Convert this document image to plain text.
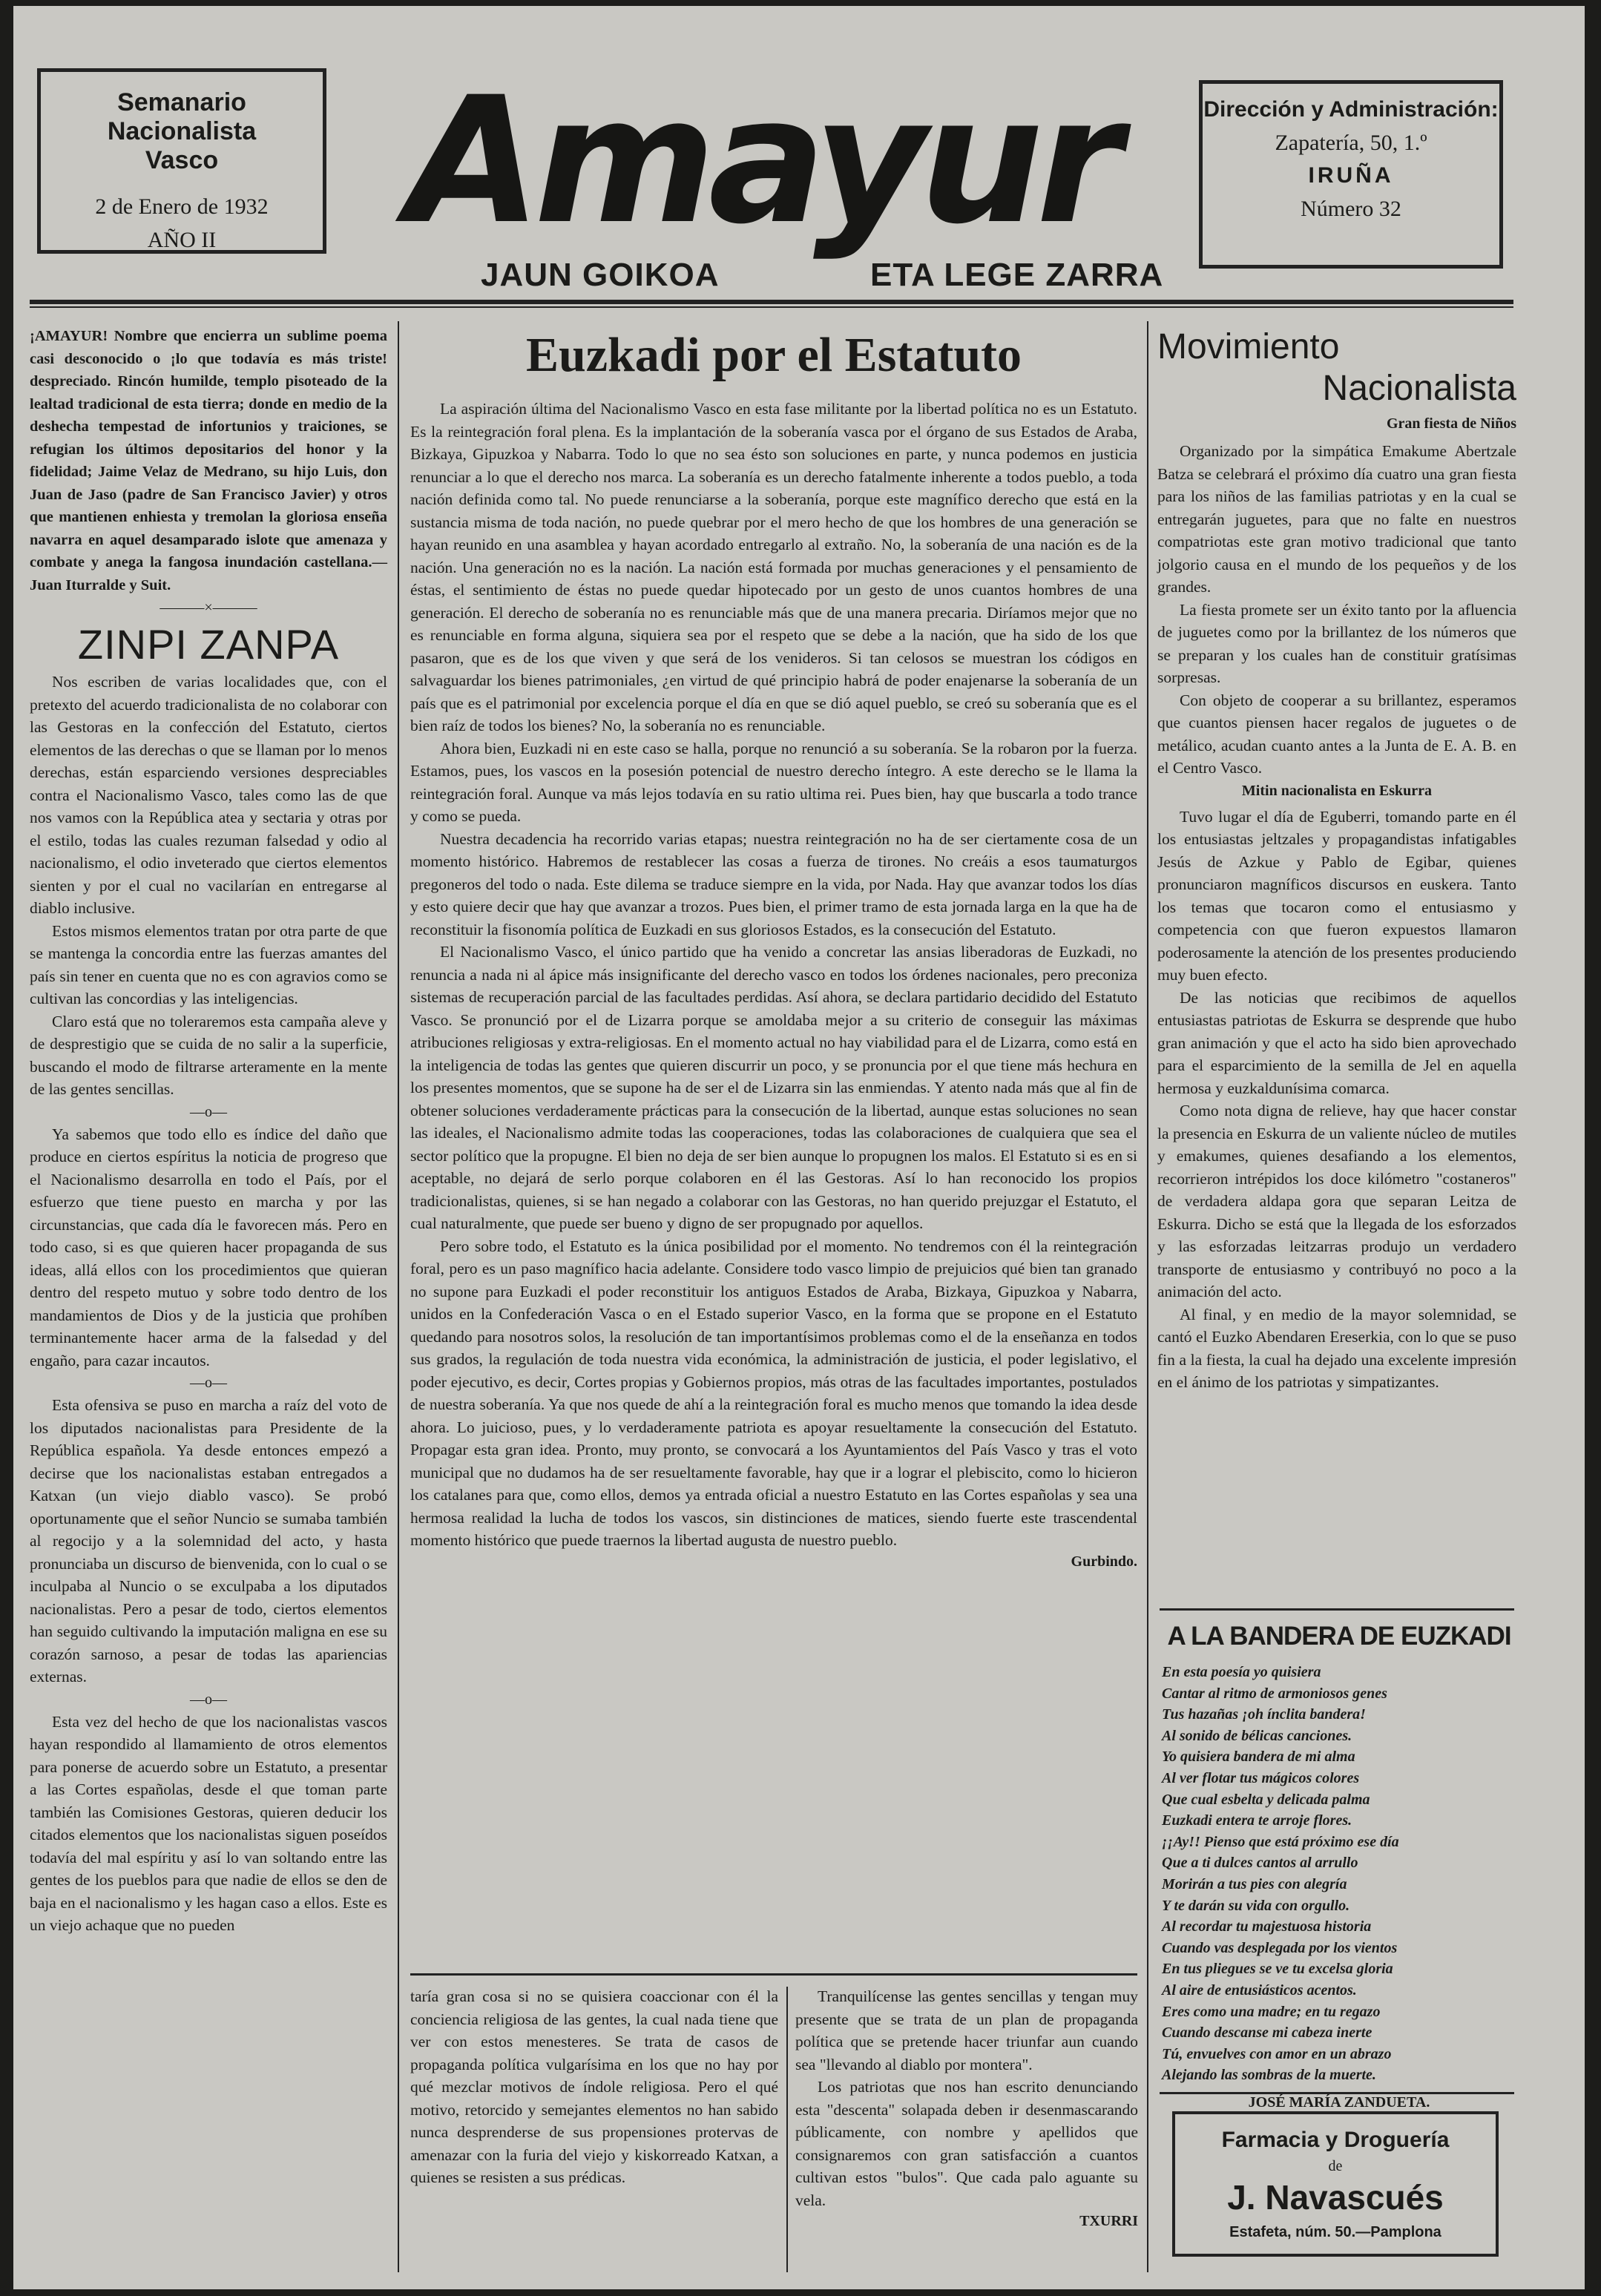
Semanario Nacionalista
Vasco
2 de Enero de 1932
AÑO II	Amayur
JAUN GOIKOA	ETA LEGE ZARRA
Dirección y Administración:
Zapatería, 50, 1.º
IRUÑA
Número 32

¡AMAYUR! Nombre que encierra un sublime poema casi desconocido o ¡lo que todavía es más triste! despreciado. Rincón humilde, templo pisoteado de la lealtad tradicional de esta tierra; donde en medio de la deshecha tempestad de infortunios y traiciones, se refugian los últimos depositarios del honor y la fidelidad; Jaime Velaz de Medrano, su hijo Luis, don Juan de Jaso (padre de San Francisco Javier) y otros que mantienen enhiesta y tremolan la gloriosa enseña navarra en aquel desamparado islote que amenaza y combate y anega la fangosa inundación castellana.—Juan Iturralde y Suit.

———×———

ZINPI ZANPA

Nos escriben de varias localidades que, con el pretexto del acuerdo tradicionalista de no colaborar con las Gestoras en la confección del Estatuto, ciertos elementos de las derechas o que se llaman por lo menos derechas, están esparciendo versiones despreciables contra el Nacionalismo Vasco, tales como las de que nos vamos con la República atea y sectaria y otras por el estilo, todas las cuales rezuman falsedad y odio al nacionalismo, el odio inveterado que ciertos elementos sienten y por el cual no vacilarían en entregarse al diablo inclusive.

Estos mismos elementos tratan por otra parte de que se mantenga la concordia entre las fuerzas amantes del país sin tener en cuenta que no es con agravios como se cultivan las concordias y las inteligencias.

Claro está que no toleraremos esta campaña aleve y de desprestigio que se cuida de no salir a la superficie, buscando el modo de filtrarse arteramente en la mente de las gentes sencillas.

—o—

Ya sabemos que todo ello es índice del daño que produce en ciertos espíritus la noticia de progreso que el Nacionalismo desarrolla en todo el País, por el esfuerzo que tiene puesto en marcha y por las circunstancias, que cada día le favorecen más. Pero en todo caso, si es que quieren hacer propaganda de sus ideas, allá ellos con los procedimientos que quieran dentro del respeto mutuo y sobre todo dentro de los mandamientos de Dios y de la justicia que prohíben terminantemente hacer arma de la falsedad y del engaño, para cazar incautos.

—o—

Esta ofensiva se puso en marcha a raíz del voto de los diputados nacionalistas para Presidente de la República española. Ya desde entonces empezó a decirse que los nacionalistas estaban entregados a Katxan (un viejo diablo vasco). Se probó oportunamente que el señor Nuncio se sumaba también al regocijo y a la solemnidad del acto, y hasta pronunciaba un discurso de bienvenida, con lo cual o se inculpaba al Nuncio o se exculpaba a los diputados nacionalistas. Pero a pesar de todo, ciertos elementos han seguido cultivando la imputación maligna en ese su corazón sarnoso, a pesar de todas las apariencias externas.

—o—

Esta vez del hecho de que los nacionalistas vascos hayan respondido al llamamiento de otros elementos para ponerse de acuerdo sobre un Estatuto, a presentar a las Cortes españolas, desde el que toman parte también las Comisiones Gestoras, quieren deducir los citados elementos que los nacionalistas siguen poseídos todavía del mal espíritu y así lo van soltando entre las gentes de los pueblos para que nadie de ellos se den de baja en el nacionalismo y les hagan caso a ellos. Este es un viejo achaque que no pueden

Euzkadi por el Estatuto

La aspiración última del Nacionalismo Vasco en esta fase militante por la libertad política no es un Estatuto. Es la reintegración foral plena. Es la implantación de la soberanía vasca por el órgano de sus Estados de Araba, Bizkaya, Gipuzkoa y Nabarra. Todo lo que no sea ésto son soluciones en parte, y nunca podemos en justicia renunciar a lo que el derecho nos marca. La soberanía es un derecho fatalmente inherente a todos pueblo, a toda nación definida como tal. No puede renunciarse a la soberanía, porque este magnífico derecho que está en la sustancia misma de toda nación, no puede quebrar por el mero hecho de que los hombres de una generación se hayan reunido en una asamblea y hayan acordado entregarlo al extraño. No, la soberanía de una nación es de la nación. Una generación no es la nación. La nación está formada por muchas generaciones y el pensamiento de éstas, el sentimiento de éstas no puede quedar hipotecado por un gesto de unos cuantos hombres de una generación. El derecho de soberanía no es renunciable más que de una manera precaria. Diríamos mejor que no es renunciable en forma alguna, siquiera sea por el respeto que se debe a la nación, que ha sido de los que pasaron, que es de los que viven y que será de los venideros. Si tan celosos se muestran los códigos en salvaguardar los bienes patrimoniales, ¿en virtud de qué principio habrá de poder enajenarse la soberanía de un país que es el patrimonial por excelencia porque el día en que se dió aquel pueblo, se creó su soberanía que es el bien raíz de todos los bienes? No, la soberanía no es renunciable.

Ahora bien, Euzkadi ni en este caso se halla, porque no renunció a su soberanía. Se la robaron por la fuerza. Estamos, pues, los vascos en la posesión potencial de nuestro derecho íntegro. A este derecho se le llama la reintegración foral. Aunque va más lejos todavía en su ratio ultima rei. Pues bien, hay que buscarla a todo trance y como se pueda.

Nuestra decadencia ha recorrido varias etapas; nuestra reintegración no ha de ser ciertamente cosa de un momento histórico. Habremos de restablecer las cosas a fuerza de tirones. No creáis a esos taumaturgos pregoneros del todo o nada. Este dilema se traduce siempre en la vida, por Nada. Hay que avanzar todos los días y esto quiere decir que hay que avanzar a trozos. Pues bien, el primer tramo de esta jornada larga en la que ha de reconstituir la fisonomía política de Euzkadi en sus gloriosos Estados, es la consecución del Estatuto.

El Nacionalismo Vasco, el único partido que ha venido a concretar las ansias liberadoras de Euzkadi, no renuncia a nada ni al ápice más insignificante del derecho vasco en todos los órdenes nacionales, pero preconiza sistemas de recuperación parcial de las facultades perdidas. Así ahora, se declara partidario decidido del Estatuto Vasco. Se pronunció por el de Lizarra porque se amoldaba mejor a su criterio de conseguir las máximas atribuciones religiosas y extra-religiosas. En el momento actual no hay viabilidad para el de Lizarra, como está en la inteligencia de todas las gentes que quieren discurrir un poco, y se pronuncia por el que tiene más hechura en los presentes momentos, que se supone ha de ser el de Lizarra sin las enmiendas. Y atento nada más que al fin de obtener soluciones verdaderamente prácticas para la consecución de la libertad, aunque estas soluciones no sean las ideales, el Nacionalismo admite todas las cooperaciones, todas las colaboraciones de cualquiera que sea el sector político que la propugne. El bien no deja de ser bien aunque lo propugnen los malos. El Estatuto si es en si aceptable, no dejará de serlo porque colaboren en él las Gestoras. Así lo han reconocido los propios tradicionalistas, quienes, si se han negado a colaborar con las Gestoras, no han querido prejuzgar el Estatuto, el cual naturalmente, que puede ser bueno y digno de ser propugnado por aquellos.

Pero sobre todo, el Estatuto es la única posibilidad por el momento. No tendremos con él la reintegración foral, pero es un paso magnífico hacia adelante. Considere todo vasco limpio de prejuicios qué bien tan granado no supone para Euzkadi el poder reconstituir los antiguos Estados de Araba, Bizkaya, Gipuzkoa y Nabarra, unidos en la Confederación Vasca o en el Estado superior Vasco, en la forma que se propone en el Estatuto quedando para nosotros solos, la resolución de tan importantísimos problemas como el de la enseñanza en todos sus grados, la regulación de toda nuestra vida económica, la administración de justicia, el poder legislativo, el poder ejecutivo, es decir, Cortes propias y Gobiernos propios, más otras de las facultades importantes, postulados de nuestra soberanía. Ya que nos quede de ahí a la reintegración foral es mucho menos que tomando la idea desde ahora. Lo juicioso, pues, y lo verdaderamente patriota es apoyar resueltamente la consecución del Estatuto. Propagar esta gran idea. Pronto, muy pronto, se convocará a los Ayuntamientos del País Vasco y tras el voto municipal que no dudamos ha de ser resueltamente favorable, hay que ir a lograr el plebiscito, como lo hicieron los catalanes para que, como ellos, demos ya entrada oficial a nuestro Estatuto en las Cortes españolas y sea una hermosa realidad la lucha de todos los vascos, sin distinciones de matices, siendo fuerte este trascendental momento histórico que puede traernos la libertad augusta de nuestro pueblo.

Gurbindo.

taría gran cosa si no se quisiera coaccionar con él la conciencia religiosa de las gentes, la cual nada tiene que ver con estos menesteres. Se trata de casos de propaganda política vulgarísima en los que no hay por qué mezclar motivos de índole religiosa. Pero el qué motivo, retorcido y semejantes elementos no han sabido nunca desprenderse de sus propensiones protervas de amenazar con la furia del viejo y kiskorreado Katxan, a quienes se resisten a sus prédicas.

Tranquilícense las gentes sencillas y tengan muy presente que se trata de un plan de propaganda política que se pretende hacer triunfar aun cuando sea "llevando al diablo por montera".

Los patriotas que nos han escrito denunciando esta "descenta" solapada deben ir desenmascarando públicamente, con nombre y apellidos que consignaremos con gran satisfacción a cuantos cultivan estos "bulos". Que cada palo aguante su vela.

TXURRI

Movimiento
Nacionalista

Gran fiesta de Niños

Organizado por la simpática Emakume Abertzale Batza se celebrará el próximo día cuatro una gran fiesta para los niños de las familias patriotas y en la cual se entregarán juguetes, para que no falte en nuestros compatriotas este gran motivo tradicional que tanto jolgorio causa en el mundo de los pequeños y de los grandes.

La fiesta promete ser un éxito tanto por la afluencia de juguetes como por la brillantez de los números que se preparan y los cuales han de constituir gratísimas sorpresas.

Con objeto de cooperar a su brillantez, esperamos que cuantos piensen hacer regalos de juguetes o de metálico, acudan cuanto antes a la Junta de E. A. B. en el Centro Vasco.

Mitin nacionalista en Eskurra

Tuvo lugar el día de Eguberri, tomando parte en él los entusiastas jeltzales y propagandistas infatigables Jesús de Azkue y Pablo de Egibar, quienes pronunciaron magníficos discursos en euskera. Tanto los temas que tocaron como el entusiasmo y competencia con que fueron expuestos llamaron poderosamente la atención de los presentes produciendo muy buen efecto.

De las noticias que recibimos de aquellos entusiastas patriotas de Eskurra se desprende que hubo gran animación y que el acto ha sido bien aprovechado para el esparcimiento de la semilla de Jel en aquella hermosa y euzkaldunísima comarca.

Como nota digna de relieve, hay que hacer constar la presencia en Eskurra de un valiente núcleo de mutiles y emakumes, quienes desafiando a los elementos, recorrieron intrépidos los doce kilómetro "costaneros" de verdadera aldapa gora que separan Leitza de Eskurra. Dicho se está que la llegada de los esforzados y las esforzadas leitzarras produjo un verdadero transporte de entusiasmo y contribuyó no poco a la animación del acto.

Al final, y en medio de la mayor solemnidad, se cantó el Euzko Abendaren Ereserkia, con lo que se puso fin a la fiesta, la cual ha dejado una excelente impresión en el ánimo de los patriotas y simpatizantes.

A LA BANDERA DE EUZKADI

En esta poesía yo quisiera

Cantar al ritmo de armoniosos genes

Tus hazañas ¡oh ínclita bandera!

Al sonido de bélicas canciones.

Yo quisiera bandera de mi alma

Al ver flotar tus mágicos colores

Que cual esbelta y delicada palma

Euzkadi entera te arroje flores.

¡¡Ay!! Pienso que está próximo ese día

Que a ti dulces cantos al arrullo

Morirán a tus pies con alegría

Y te darán su vida con orgullo.

Al recordar tu majestuosa historia

Cuando vas desplegada por los vientos

En tus pliegues se ve tu excelsa gloria

Al aire de entusiásticos acentos.

Eres como una madre; en tu regazo

Cuando descanse mi cabeza inerte

Tú, envuelves con amor en un abrazo

Alejando las sombras de la muerte.

JOSÉ MARÍA ZANDUETA.

Farmacia y Droguería
de
J. Navascués
Estafeta, núm. 50.—Pamplona
